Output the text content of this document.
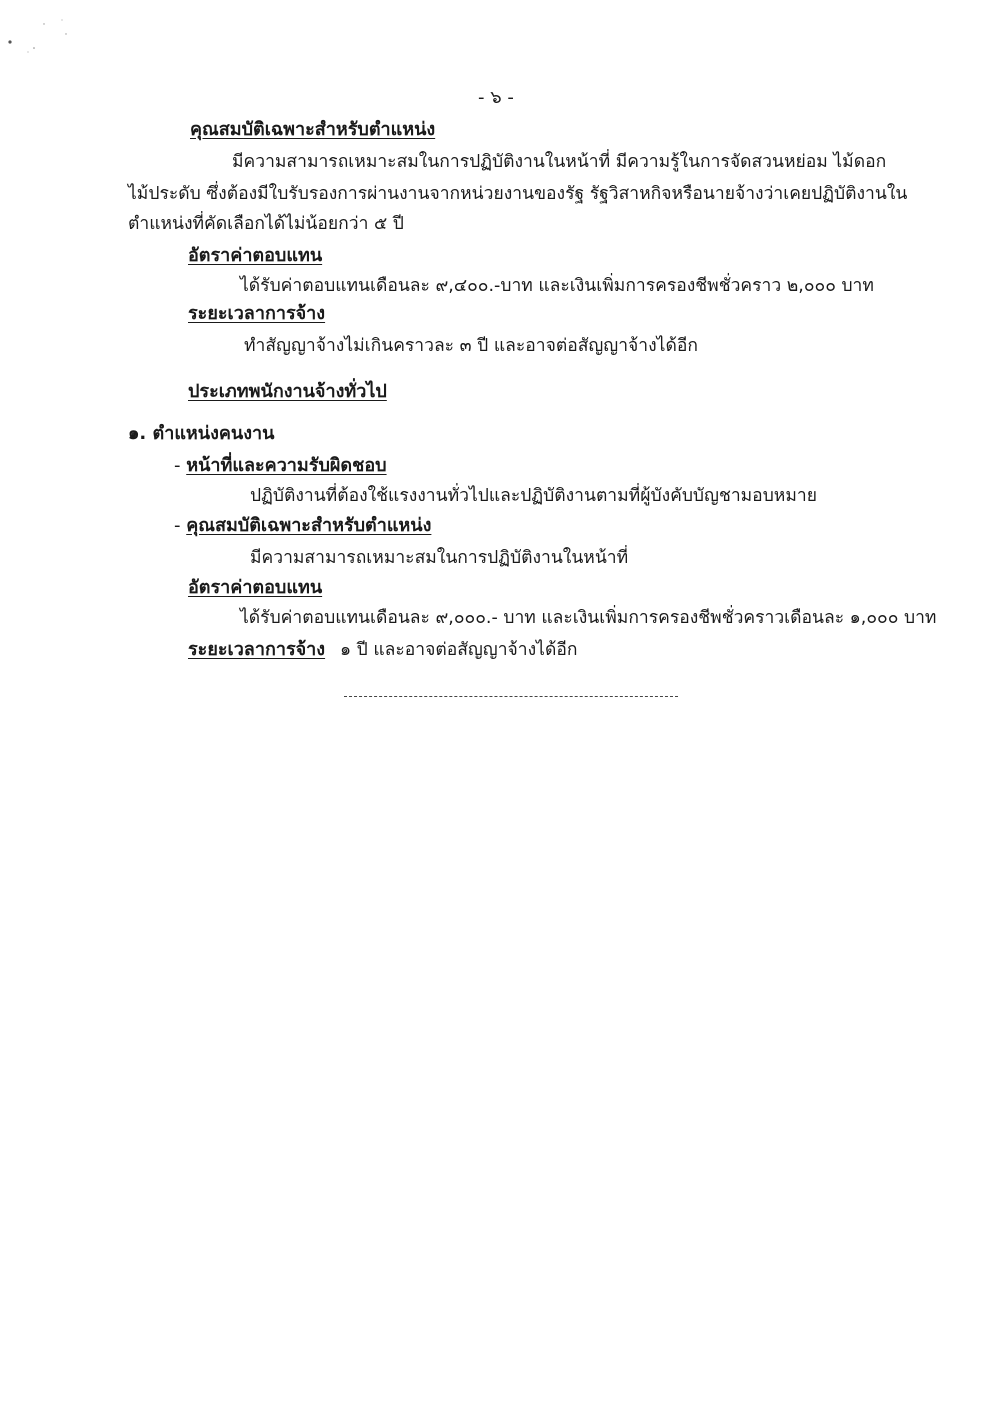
- ๖ -
คุณสมบัติเฉพาะสำหรับตำแหน่ง
มีความสามารถเหมาะสมในการปฏิบัติงานในหน้าที่ มีความรู้ในการจัดสวนหย่อม ไม้ดอก
ไม้ประดับ ซึ่งต้องมีใบรับรองการผ่านงานจากหน่วยงานของรัฐ รัฐวิสาหกิจหรือนายจ้างว่าเคยปฏิบัติงานใน
ตำแหน่งที่คัดเลือกได้ไม่น้อยกว่า ๕ ปี
อัตราค่าตอบแทน
ได้รับค่าตอบแทนเดือนละ ๙,๔๐๐.-บาท และเงินเพิ่มการครองชีพชั่วคราว ๒,๐๐๐ บาท
ระยะเวลาการจ้าง
ทำสัญญาจ้างไม่เกินคราวละ ๓ ปี และอาจต่อสัญญาจ้างได้อีก
ประเภทพนักงานจ้างทั่วไป
๑. ตำแหน่งคนงาน
- หน้าที่และความรับผิดชอบ
ปฏิบัติงานที่ต้องใช้แรงงานทั่วไปและปฏิบัติงานตามที่ผู้บังคับบัญชามอบหมาย
- คุณสมบัติเฉพาะสำหรับตำแหน่ง
มีความสามารถเหมาะสมในการปฏิบัติงานในหน้าที่
อัตราค่าตอบแทน
ได้รับค่าตอบแทนเดือนละ ๙,๐๐๐.- บาท และเงินเพิ่มการครองชีพชั่วคราวเดือนละ ๑,๐๐๐ บาท
ระยะเวลาการจ้าง ๑ ปี และอาจต่อสัญญาจ้างได้อีก
